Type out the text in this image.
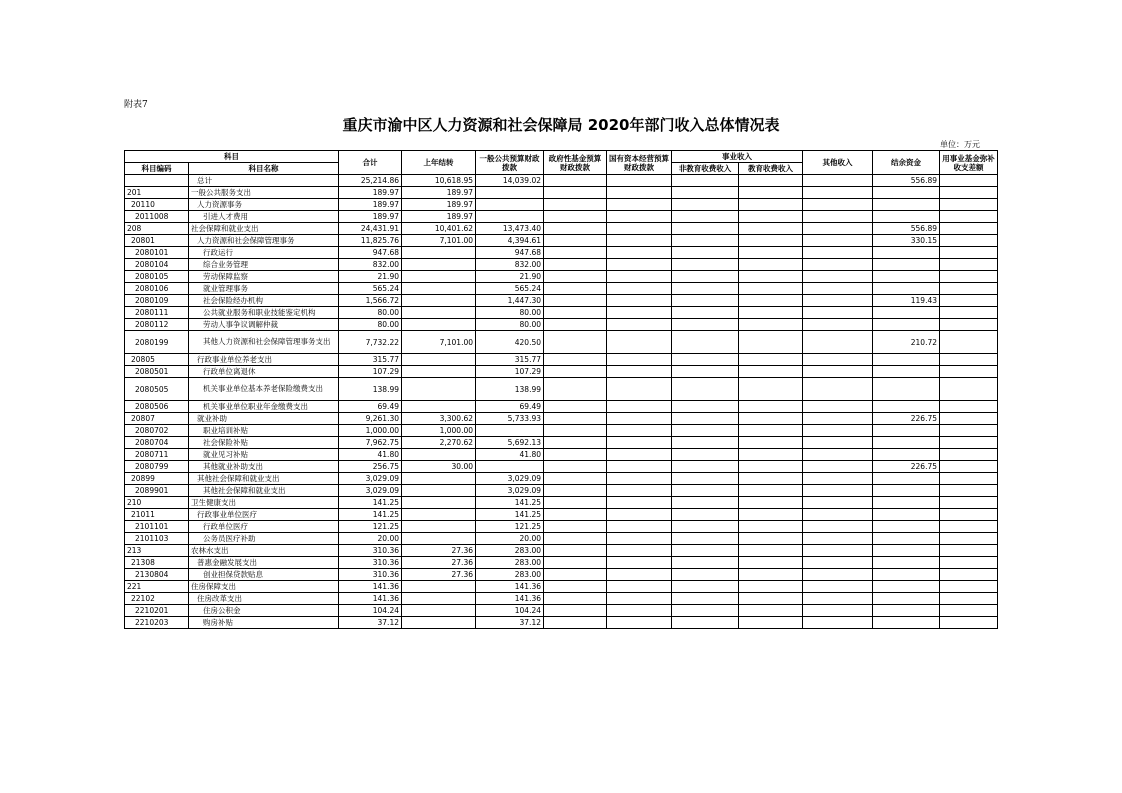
附表7
重庆市渝中区人力资源和社会保障局 2020年部门收入总体情况表
单位：万元
科目		合计	上年结转	一般公共预算财政拨款	政府性基金预算财政拨款	国有资本经营预算财政拨款	事业收入		其他收入	结余资金	用事业基金弥补收支差额
科目编码	科目名称						非教育收费收入	教育收费收入			
	总计	25,214.86	10,618.95	14,039.02						556.89	
201	一般公共服务支出	189.97	189.97								
20110	人力资源事务	189.97	189.97								
2011008	引进人才费用	189.97	189.97								
208	社会保障和就业支出	24,431.91	10,401.62	13,473.40						556.89	
20801	人力资源和社会保障管理事务	11,825.76	7,101.00	4,394.61						330.15	
2080101	行政运行	947.68		947.68							
2080104	综合业务管理	832.00		832.00							
2080105	劳动保障监察	21.90		21.90							
2080106	就业管理事务	565.24		565.24							
2080109	社会保险经办机构	1,566.72		1,447.30						119.43	
2080111	公共就业服务和职业技能鉴定机构	80.00		80.00							
2080112	劳动人事争议调解仲裁	80.00		80.00							
2080199	其他人力资源和社会保障管理事务支出	7,732.22	7,101.00	420.50						210.72	
20805	行政事业单位养老支出	315.77		315.77							
2080501	行政单位离退休	107.29		107.29							
2080505	机关事业单位基本养老保险缴费支出	138.99		138.99							
2080506	机关事业单位职业年金缴费支出	69.49		69.49							
20807	就业补助	9,261.30	3,300.62	5,733.93						226.75	
2080702	职业培训补贴	1,000.00	1,000.00								
2080704	社会保险补贴	7,962.75	2,270.62	5,692.13							
2080711	就业见习补贴	41.80		41.80							
2080799	其他就业补助支出	256.75	30.00							226.75	
20899	其他社会保障和就业支出	3,029.09		3,029.09							
2089901	其他社会保障和就业支出	3,029.09		3,029.09							
210	卫生健康支出	141.25		141.25							
21011	行政事业单位医疗	141.25		141.25							
2101101	行政单位医疗	121.25		121.25							
2101103	公务员医疗补助	20.00		20.00							
213	农林水支出	310.36	27.36	283.00							
21308	普惠金融发展支出	310.36	27.36	283.00							
2130804	创业担保贷款贴息	310.36	27.36	283.00							
221	住房保障支出	141.36		141.36							
22102	住房改革支出	141.36		141.36							
2210201	住房公积金	104.24		104.24							
2210203	购房补贴	37.12		37.12							
